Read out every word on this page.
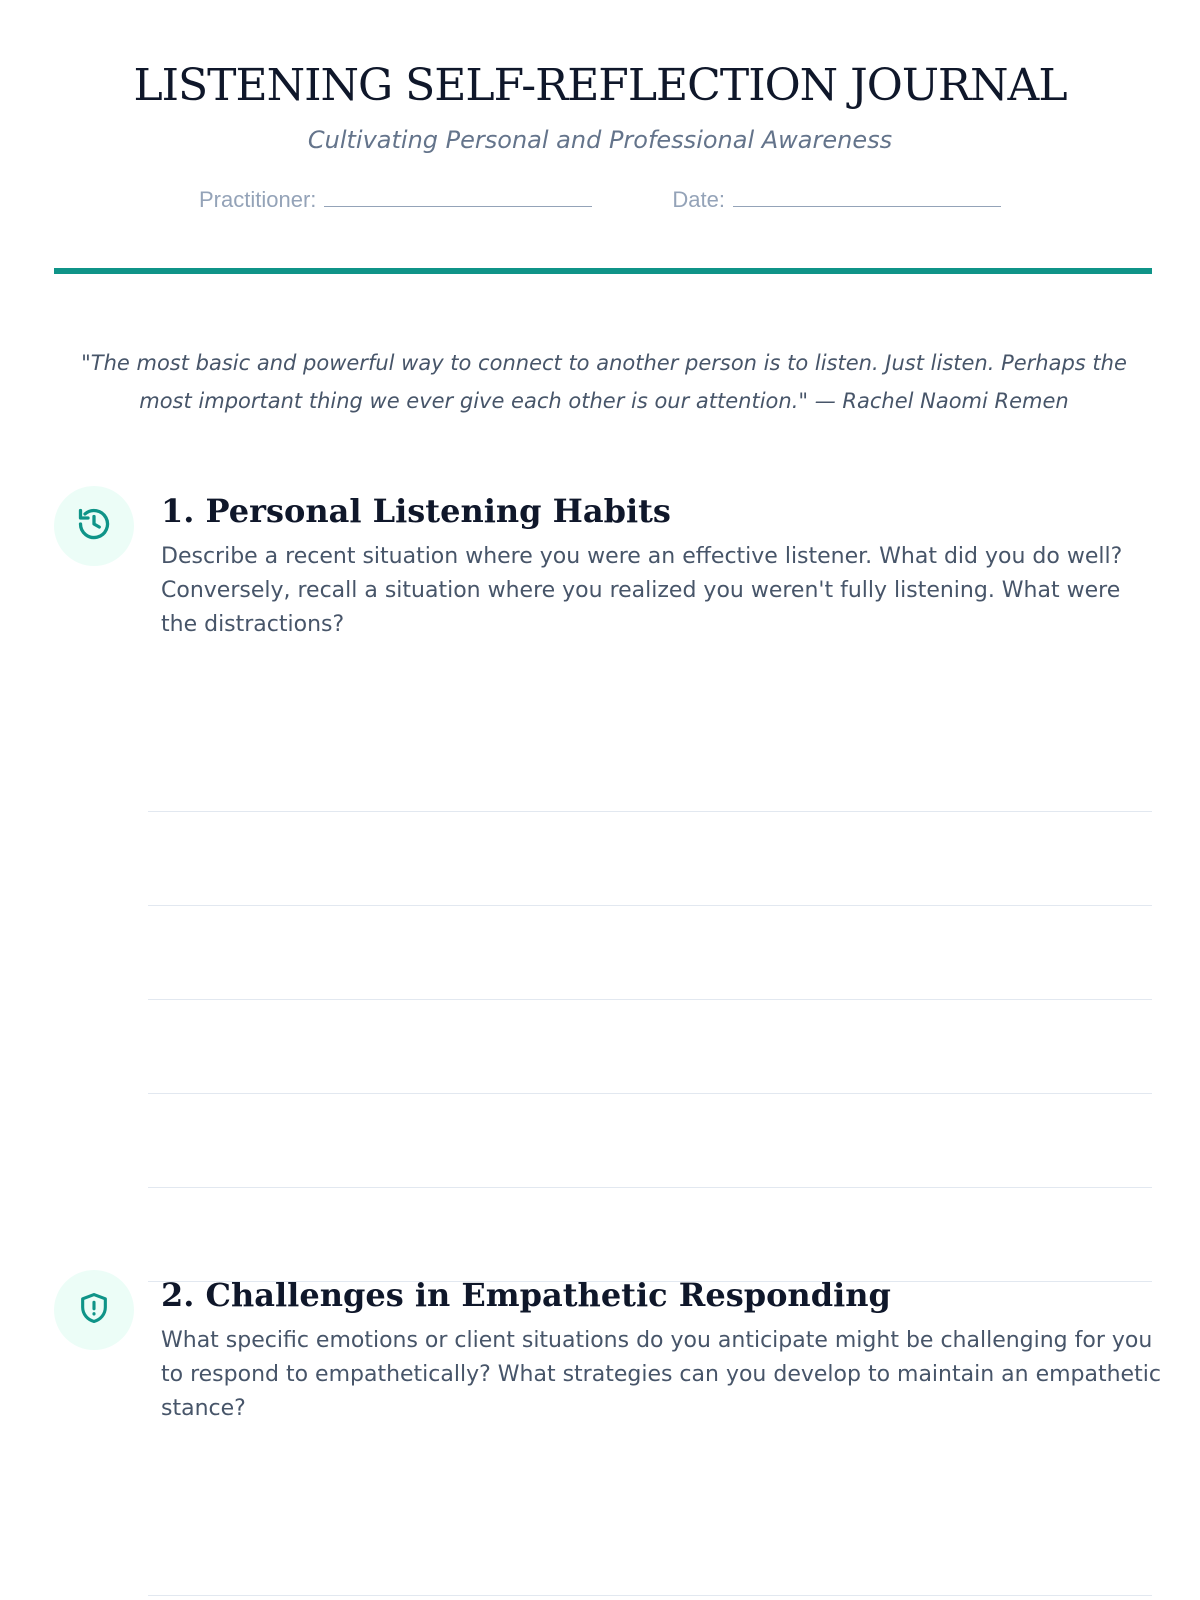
LISTENING SELF-REFLECTION JOURNAL
Cultivating Personal and Professional Awareness
Practitioner:	Date:
"The most basic and powerful way to connect to another person is to listen. Just listen. Perhaps the most important thing we ever give each other is our attention." — Rachel Naomi Remen
1. Personal Listening Habits
Describe a recent situation where you were an effective listener. What did you do well? Conversely, recall a situation where you realized you weren't fully listening. What were the distractions?
2. Challenges in Empathetic Responding
What specific emotions or client situations do you anticipate might be challenging for you to respond to empathetically? What strategies can you develop to maintain an empathetic stance?
